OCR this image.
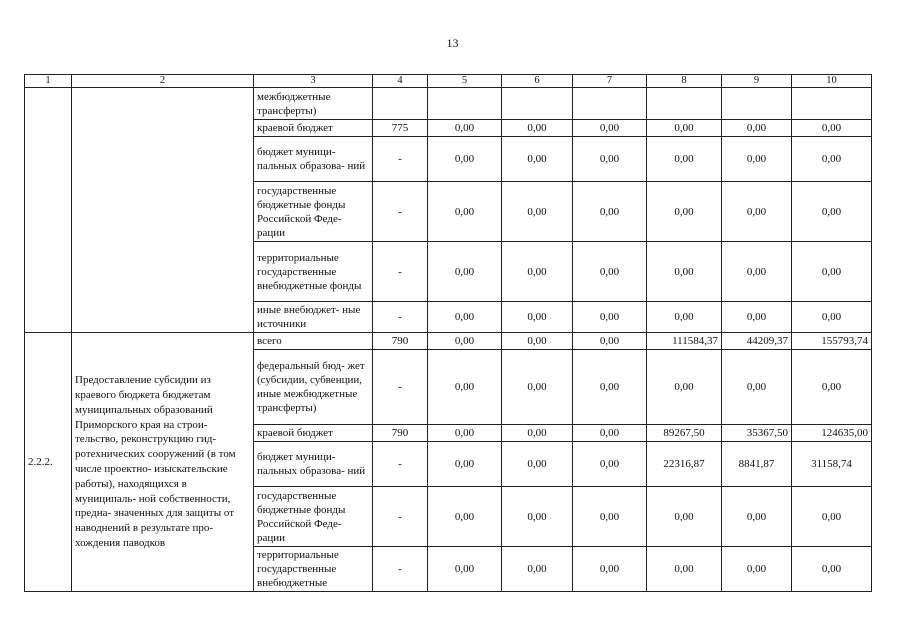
13
1	2	3	4	5	6	7	8	9	10
		межбюджетные трансферты)							
		краевой бюджет	775	0,00	0,00	0,00	0,00	0,00	0,00
		бюджет муници- пальных образова- ний	-	0,00	0,00	0,00	0,00	0,00	0,00
		государственные бюджетные фонды Российской Феде- рации	-	0,00	0,00	0,00	0,00	0,00	0,00
		территориальные государственные внебюджетные фонды	-	0,00	0,00	0,00	0,00	0,00	0,00
		иные внебюджет- ные источники	-	0,00	0,00	0,00	0,00	0,00	0,00
2.2.2.	Предоставление субсидии из краевого бюджета бюджетам муниципальных образований Приморского края на строи- тельство, реконструкцию гид- ротехнических сооружений (в том числе проектно- изыскательские работы), находящихся в муниципаль- ной собственности, предна- значенных для защиты от наводнений в результате про- хождения паводков	всего	790	0,00	0,00	0,00	111584,37	44209,37	155793,74
		федеральный бюд- жет (субсидии, субвенции, иные межбюджетные трансферты)	-	0,00	0,00	0,00	0,00	0,00	0,00
		краевой бюджет	790	0,00	0,00	0,00	89267,50	35367,50	124635,00
		бюджет муници- пальных образова- ний	-	0,00	0,00	0,00	22316,87	8841,87	31158,74
		государственные бюджетные фонды Российской Феде- рации	-	0,00	0,00	0,00	0,00	0,00	0,00
		территориальные государственные внебюджетные	-	0,00	0,00	0,00	0,00	0,00	0,00
